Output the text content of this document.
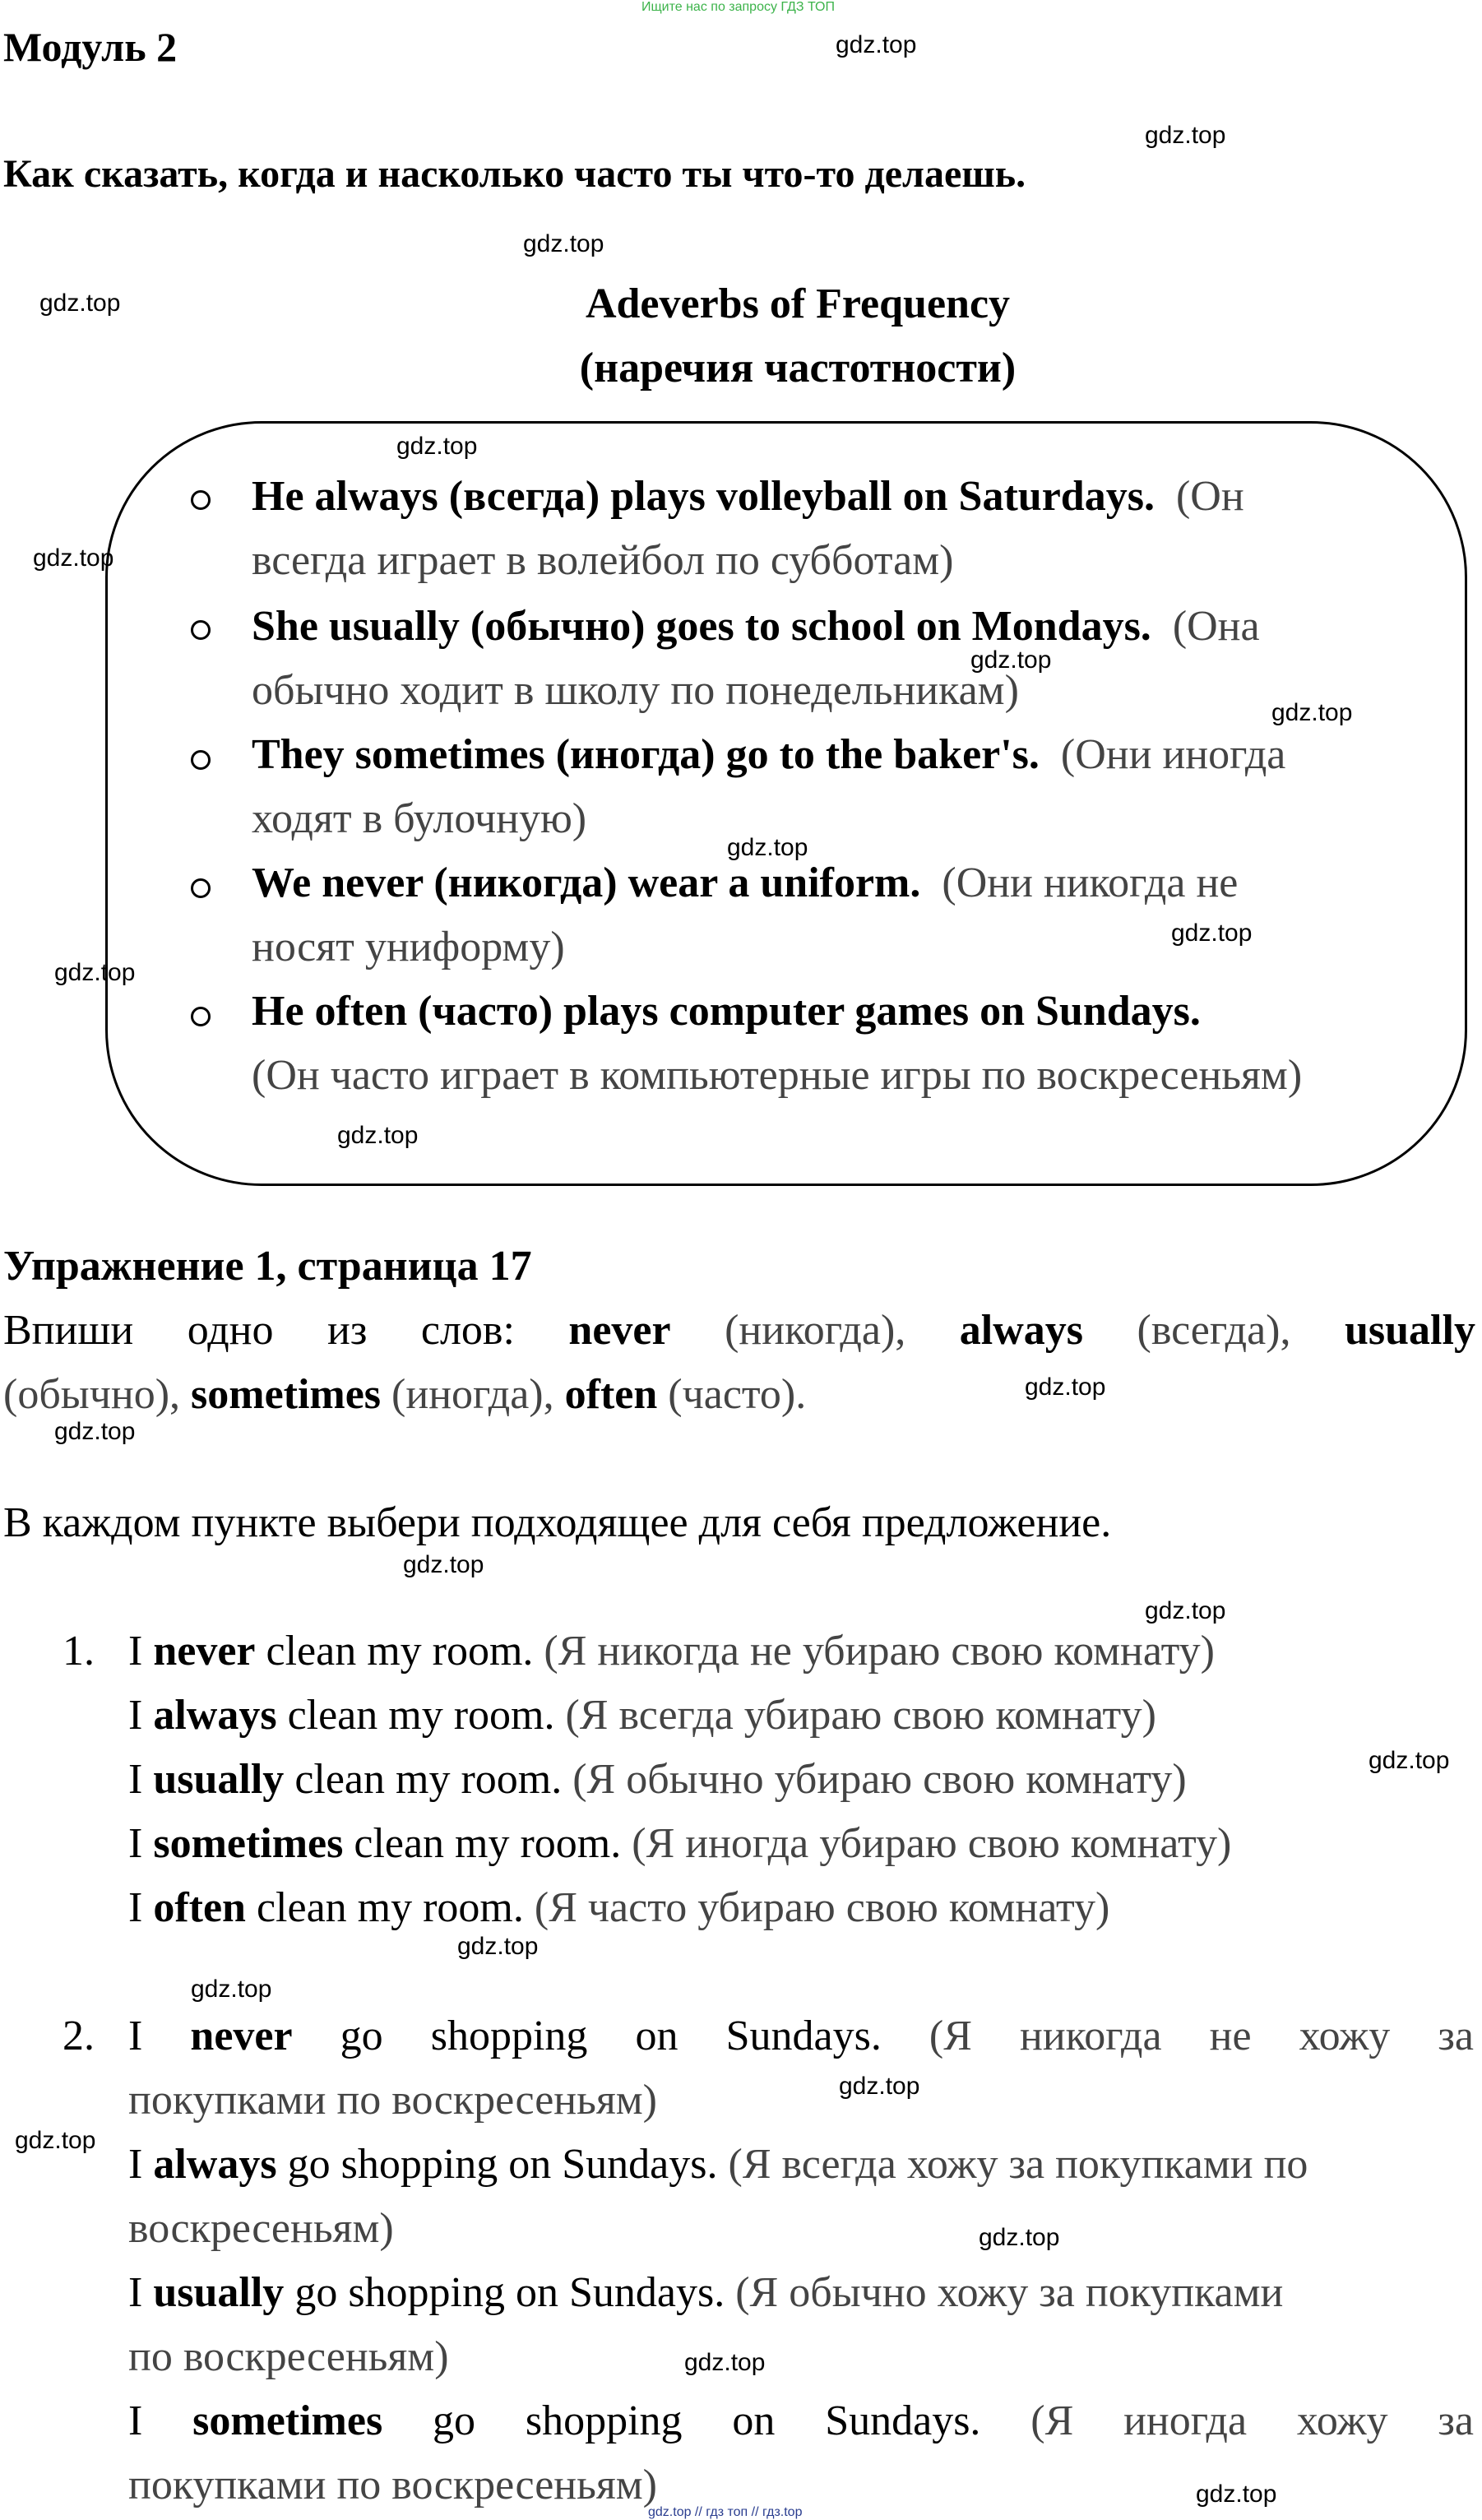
Ищите нас по запросу ГДЗ ТОП
Модуль 2
Как сказать, когда и насколько часто ты что-то делаешь.
Adeverbs of Frequency
(наречия частотности)
He always (всегда) plays volleyball on Saturdays. (Он
всегда играет в волейбол по субботам)
She usually (обычно) goes to school on Mondays. (Она
обычно ходит в школу по понедельникам)
They sometimes (иногда) go to the baker's. (Они иногда
ходят в булочную)
We never (никогда) wear a uniform. (Они никогда не
носят униформу)
He often (часто) plays computer games on Sundays.
(Он часто играет в компьютерные игры по воскресеньям)
Упражнение 1, страница 17
Впиши одно из слов: never (никогда), always (всегда), usually
(обычно), sometimes (иногда), often (часто).
В каждом пункте выбери подходящее для себя предложение.
1. I never clean my room. (Я никогда не убираю свою комнату)
I always clean my room. (Я всегда убираю свою комнату)
I usually clean my room. (Я обычно убираю свою комнату)
I sometimes clean my room. (Я иногда убираю свою комнату)
I often clean my room. (Я часто убираю свою комнату)
2. I never go shopping on Sundays. (Я никогда не хожу за
покупками по воскресеньям)
I always go shopping on Sundays. (Я всегда хожу за покупками по
воскресеньям)
I usually go shopping on Sundays. (Я обычно хожу за покупками
по воскресеньям)
I sometimes go shopping on Sundays. (Я иногда хожу за
покупками по воскресеньям)
gdz.top
gdz.top
gdz.top
gdz.top
gdz.top
gdz.top
gdz.top
gdz.top
gdz.top
gdz.top
gdz.top
gdz.top
gdz.top
gdz.top
gdz.top
gdz.top
gdz.top
gdz.top
gdz.top
gdz.top
gdz.top
gdz.top
gdz.top
gdz.top
gdz.top // гдз топ // гдз.top
